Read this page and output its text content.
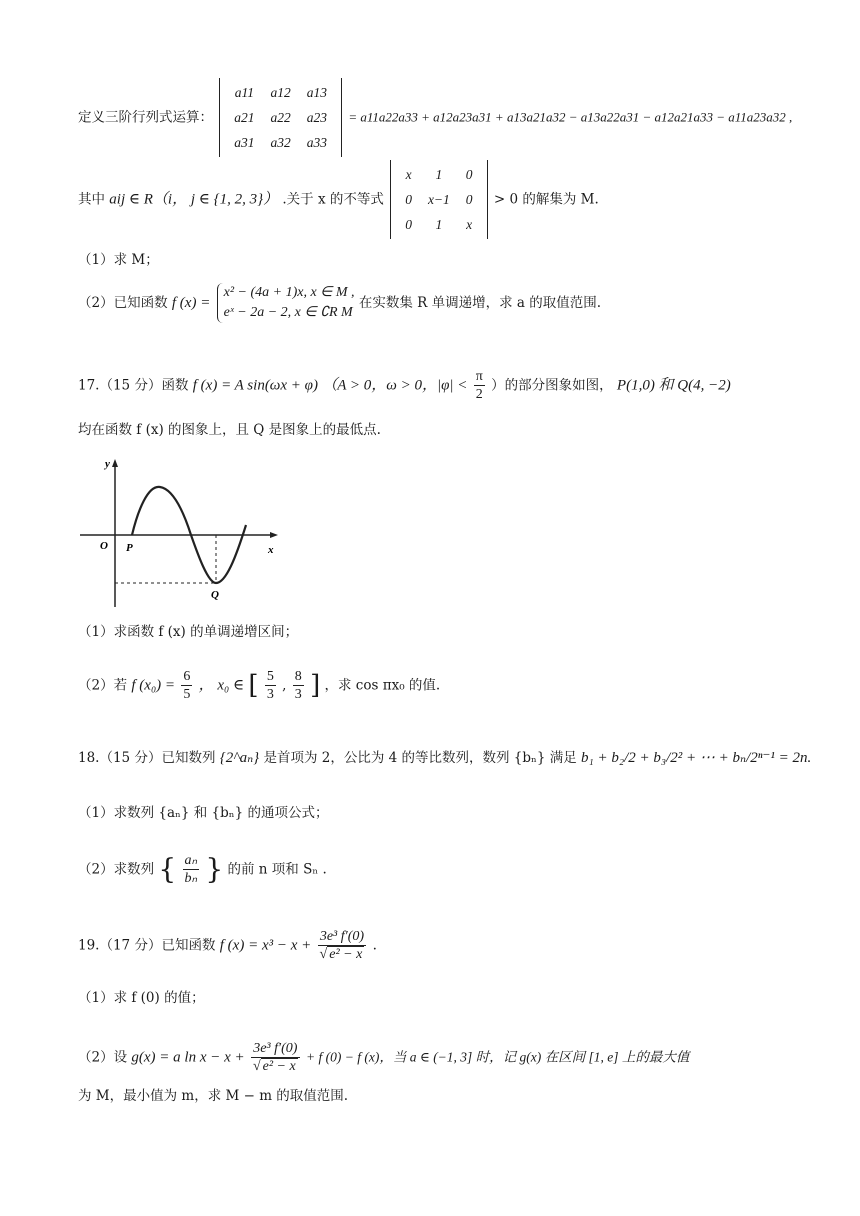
定义三阶行列式运算：
a11	a12	a13
a21	a22	a23
a31	a32	a33
= a11a22a33 + a12a23a31 + a13a21a32 − a13a22a31 − a12a21a33 − a11a23a32 ,
其中 aij ∈ R（i， j ∈ {1, 2, 3}） .关于 x 的不等式
x	1	0
0	x−1	0
0	1	x
> 0 的解集为 M.
（1）求 M；
（2）已知函数 f (x) =
x² − (4a + 1)x, x ∈ M ,
eˣ − 2a − 2, x ∈ ∁R M
在实数集 R 单调递增，求 a 的取值范围.
17.（15 分）函数 f (x) = A sin(ωx + φ) （A > 0，ω > 0，$|\varphi| < \frac{\pi}{2}$ ）的部分图象如图， P(1,0) 和 Q(4, −2)
均在函数 f (x) 的图象上，且 Q 是图象上的最低点.
y
x
O P
Q
（1）求函数 f (x) 的单调递增区间；
（2）若 f $(x_0) = \frac{6}{5}$ ， x₀ ∈ [ $\frac{5}{3}$ , $\frac{8}{3}$ ] ，求 cos πx₀ 的值.
18.（15 分）已知数列 {2^aₙ} 是首项为 2，公比为 4 的等比数列，数列 {bₙ} 满足 b₁ + b₂/2 + b₃/2² + ⋯ + bₙ/2ⁿ⁻¹ = 2n.
（1）求数列 {aₙ} 和 {bₙ} 的通项公式；
（2）求数列 { $\frac{\text{aₙ}}{\text{bₙ}}$ } 的前 n 项和 Sₙ .
19.（17 分）已知函数 f $(x) = x^3 - x + \frac{\text{3e³ f′(0)}}{\text{√ e² − x}}$ .
（1）求 f (0) 的值；
（2）设 g(x) = a $\ln x - x + \frac{\text{3e³ f′(0)}}{\text{√ e² − x}} + f$ (0) − f (x)，当 a ∈ (−1, 3] 时，记 g(x) 在区间 [1, e] 上的最大值
为 M，最小值为 m，求 M − m 的取值范围.
